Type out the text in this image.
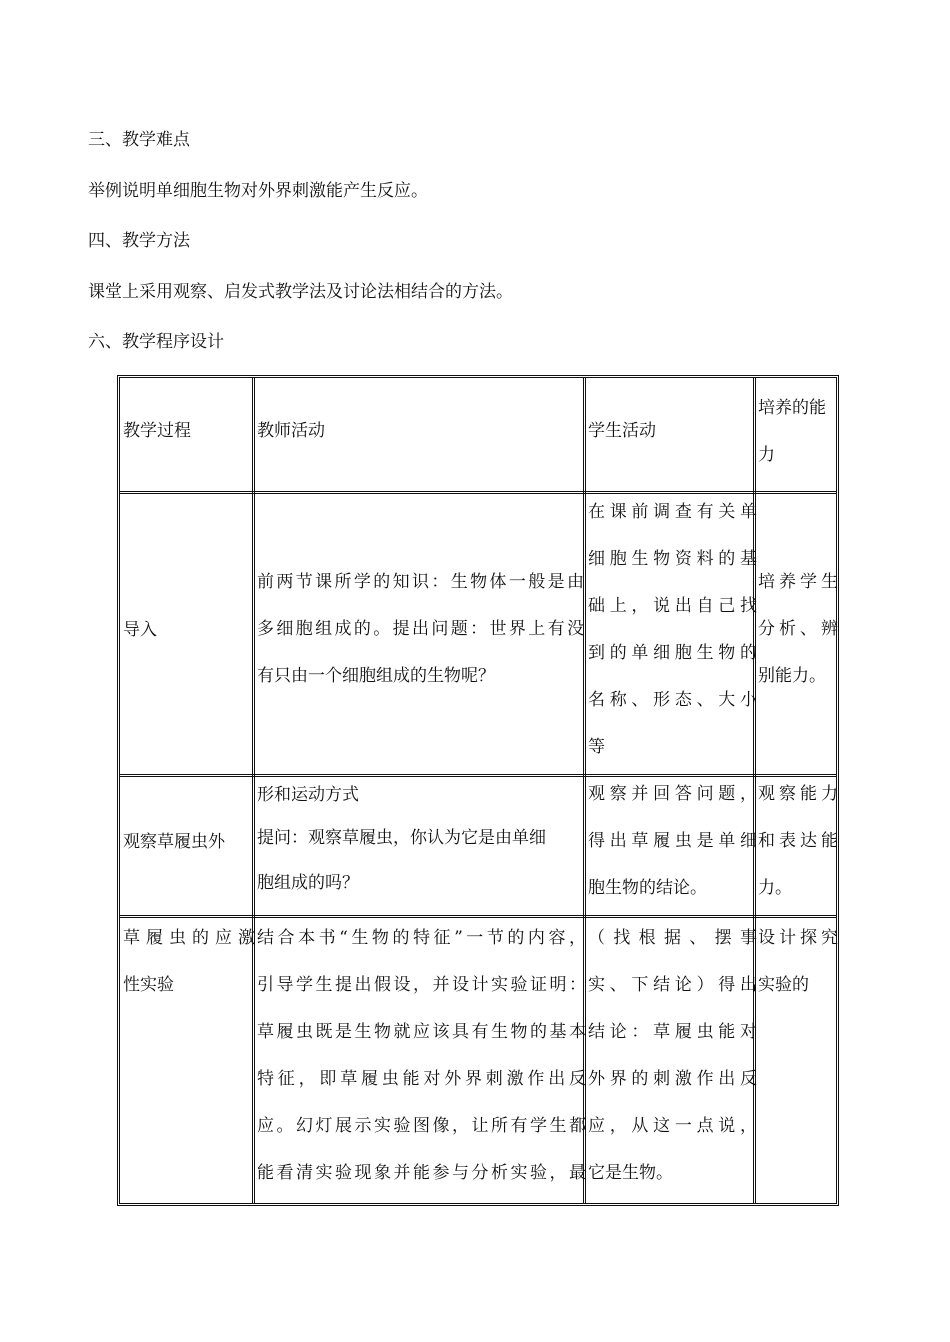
三、教学难点
举例说明单细胞生物对外界刺激能产生反应。
四、教学方法
课堂上采用观察、启发式教学法及讨论法相结合的方法。
六、教学程序设计
教学过程	教师活动	学生活动
培养的能
力
导入
前两节课所学的知识：生物体一般是由
多细胞组成的。提出问题：世界上有没
有只由一个细胞组成的生物呢？
在课前调查有关单
细胞生物资料的基
础上，说出自己找
到的单细胞生物的
名称、形态、大小
等
培养学生
分析、辨
别能力。
观察草履虫外
形和运动方式
提问：观察草履虫，你认为它是由单细
胞组成的吗？
观察并回答问题，
得出草履虫是单细
胞生物的结论。
观察能力
和表达能
力。
草履虫的应激
性实验
结合本书“生物的特征”一节的内容，
引导学生提出假设，并设计实验证明：
草履虫既是生物就应该具有生物的基本
特征，即草履虫能对外界刺激作出反
应。幻灯展示实验图像，让所有学生都
能看清实验现象并能参与分析实验，最
（找根据、摆事
实、下结论）得出
结论：草履虫能对
外界的刺激作出反
应，从这一点说，
它是生物。
设计探究
实验的
